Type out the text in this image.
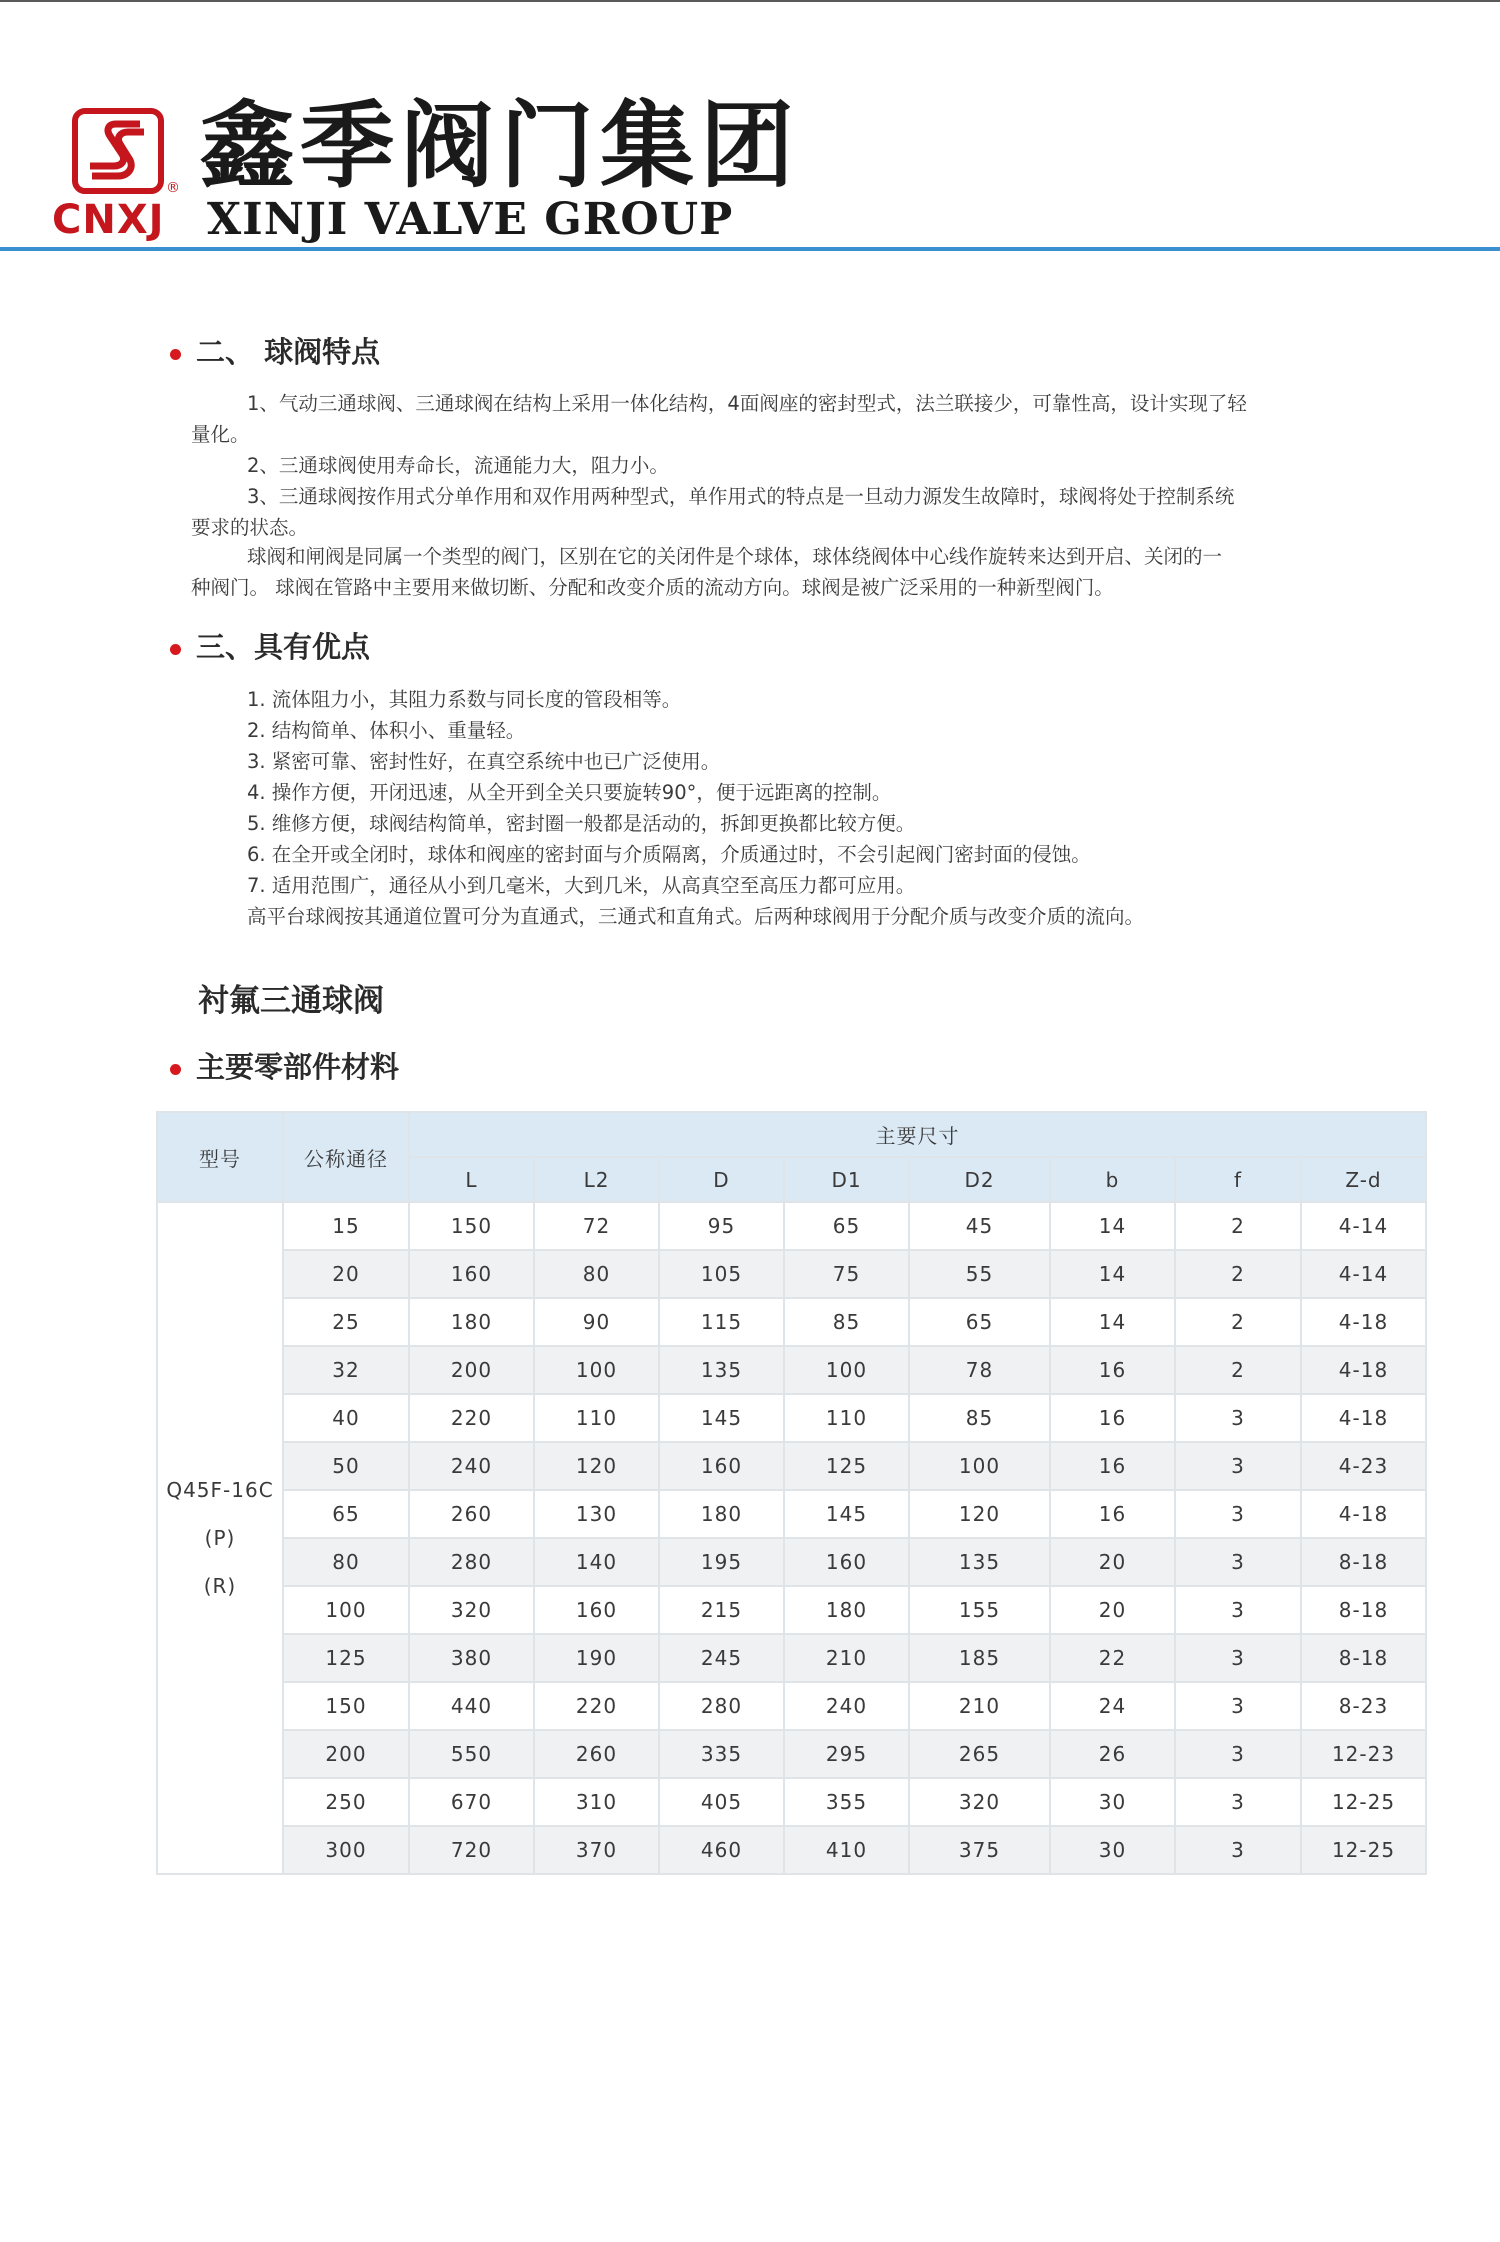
® 鑫季阀门集团
CNXJ XINJI VALVE GROUP
二、 球阀特点
1、气动三通球阀、三通球阀在结构上采用一体化结构，4面阀座的密封型式，法兰联接少，可靠性高，设计实现了轻
量化。
2、三通球阀使用寿命长，流通能力大，阻力小。
3、三通球阀按作用式分单作用和双作用两种型式，单作用式的特点是一旦动力源发生故障时，球阀将处于控制系统
要求的状态。
球阀和闸阀是同属一个类型的阀门，区别在它的关闭件是个球体，球体绕阀体中心线作旋转来达到开启、关闭的一
种阀门。 球阀在管路中主要用来做切断、分配和改变介质的流动方向。球阀是被广泛采用的一种新型阀门。
三、具有优点
1. 流体阻力小，其阻力系数与同长度的管段相等。
2. 结构简单、体积小、重量轻。
3. 紧密可靠、密封性好，在真空系统中也已广泛使用。
4. 操作方便，开闭迅速，从全开到全关只要旋转90°，便于远距离的控制。
5. 维修方便，球阀结构简单，密封圈一般都是活动的，拆卸更换都比较方便。
6. 在全开或全闭时，球体和阀座的密封面与介质隔离，介质通过时，不会引起阀门密封面的侵蚀。
7. 适用范围广，通径从小到几毫米，大到几米，从高真空至高压力都可应用。
高平台球阀按其通道位置可分为直通式，三通式和直角式。后两种球阀用于分配介质与改变介质的流向。
衬氟三通球阀
主要零部件材料
型号	公称通径	主要尺寸							
		L	L2	D	D1	D2	b	f	Z-d

Q45F-16C
(P)
(R)	15	150	72	95	65	45	14	2	4-14
	20	160	80	105	75	55	14	2	4-14
	25	180	90	115	85	65	14	2	4-18
	32	200	100	135	100	78	16	2	4-18
	40	220	110	145	110	85	16	3	4-18
	50	240	120	160	125	100	16	3	4-23
	65	260	130	180	145	120	16	3	4-18
	80	280	140	195	160	135	20	3	8-18
	100	320	160	215	180	155	20	3	8-18
	125	380	190	245	210	185	22	3	8-18
	150	440	220	280	240	210	24	3	8-23
	200	550	260	335	295	265	26	3	12-23
	250	670	310	405	355	320	30	3	12-25
	300	720	370	460	410	375	30	3	12-25
